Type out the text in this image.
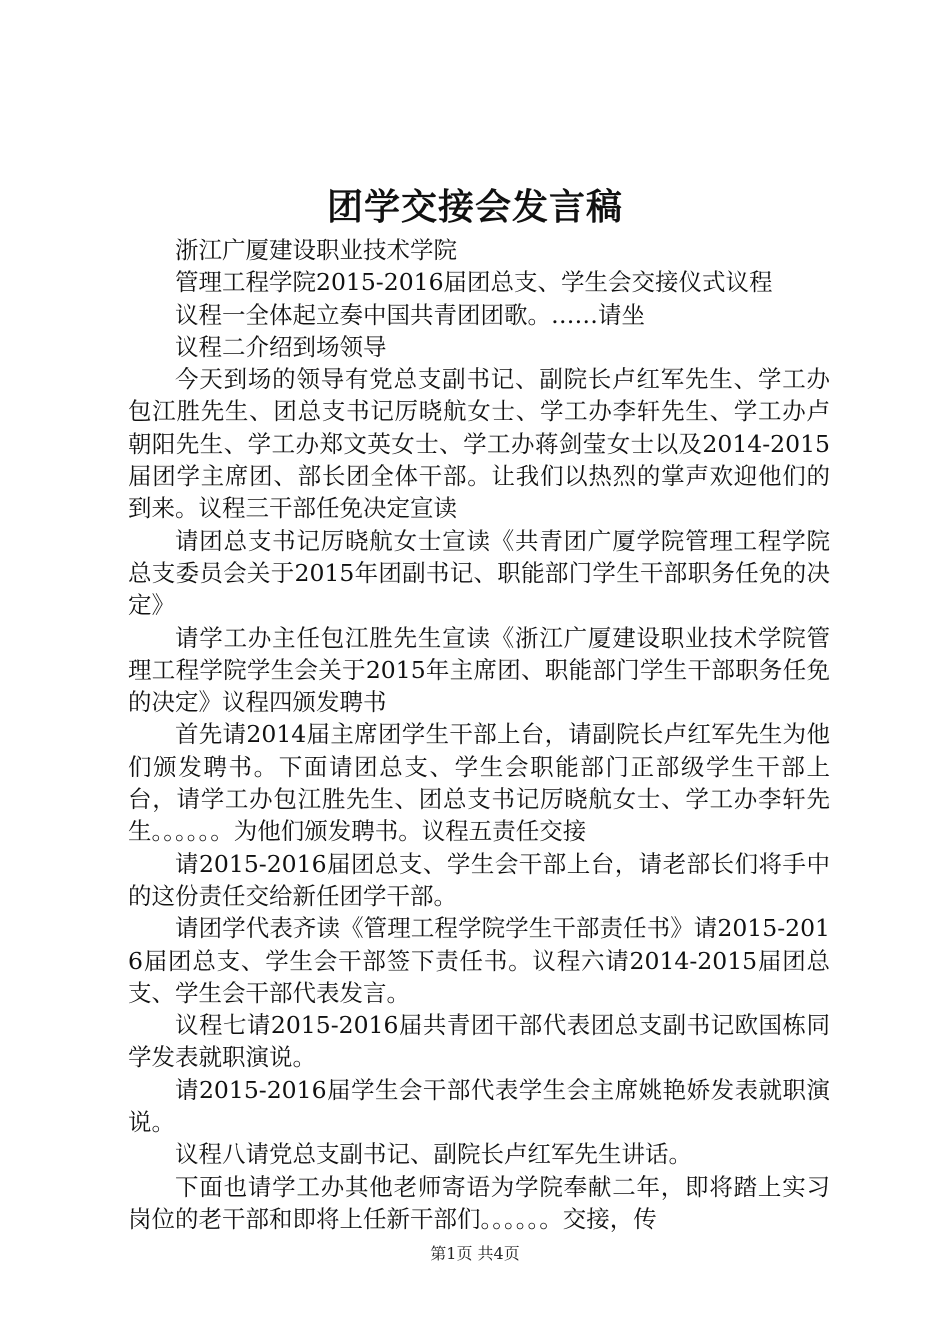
团学交接会发言稿

浙江广厦建设职业技术学院

管理工程学院2015-2016届团总支、学生会交接仪式议程

议程一全体起立奏中国共青团团歌。……请坐

议程二介绍到场领导

今天到场的领导有党总支副书记、副院长卢红军先生、学工办包江胜先生、团总支书记厉晓航女士、学工办李轩先生、学工办卢朝阳先生、学工办郑文英女士、学工办蒋剑莹女士以及2014-2015届团学主席团、部长团全体干部。让我们以热烈的掌声欢迎他们的到来。议程三干部任免决定宣读

请团总支书记厉晓航女士宣读《共青团广厦学院管理工程学院总支委员会关于2015年团副书记、职能部门学生干部职务任免的决定》

请学工办主任包江胜先生宣读《浙江广厦建设职业技术学院管理工程学院学生会关于2015年主席团、职能部门学生干部职务任免的决定》议程四颁发聘书

首先请2014届主席团学生干部上台，请副院长卢红军先生为他们颁发聘书。下面请团总支、学生会职能部门正部级学生干部上台，请学工办包江胜先生、团总支书记厉晓航女士、学工办李轩先生。。。。。。为他们颁发聘书。议程五责任交接

请2015-2016届团总支、学生会干部上台，请老部长们将手中的这份责任交给新任团学干部。

请团学代表齐读《管理工程学院学生干部责任书》请2015-2016届团总支、学生会干部签下责任书。议程六请2014-2015届团总支、学生会干部代表发言。

议程七请2015-2016届共青团干部代表团总支副书记欧国栋同学发表就职演说。

请2015-2016届学生会干部代表学生会主席姚艳娇发表就职演说。

议程八请党总支副书记、副院长卢红军先生讲话。

下面也请学工办其他老师寄语为学院奉献二年，即将踏上实习岗位的老干部和即将上任新干部们。。。。。。交接，传

第1页 共4页
